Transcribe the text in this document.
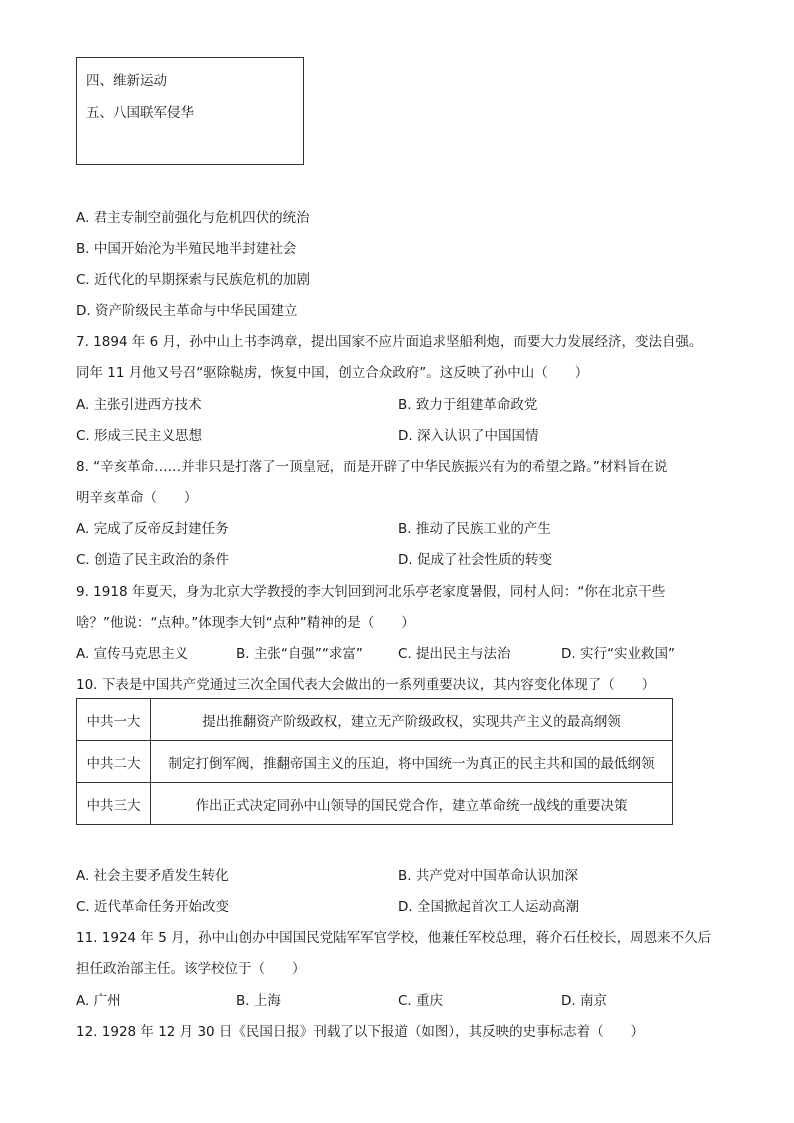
四、维新运动
五、八国联军侵华
A. 君主专制空前强化与危机四伏的统治
B. 中国开始沦为半殖民地半封建社会
C. 近代化的早期探索与民族危机的加剧
D. 资产阶级民主革命与中华民国建立
7. 1894 年 6 月，孙中山上书李鸿章，提出国家不应片面追求坚船利炮，而要大力发展经济，变法自强。
同年 11 月他又号召“驱除鞑虏，恢复中国，创立合众政府”。这反映了孙中山（　　）
A. 主张引进西方技术	B. 致力于组建革命政党
C. 形成三民主义思想	D. 深入认识了中国国情
8. “辛亥革命……并非只是打落了一顶皇冠，而是开辟了中华民族振兴有为的希望之路。”材料旨在说
明辛亥革命（　　）
A. 完成了反帝反封建任务	B. 推动了民族工业的产生
C. 创造了民主政治的条件	D. 促成了社会性质的转变
9. 1918 年夏天，身为北京大学教授的李大钊回到河北乐亭老家度暑假，同村人问：“你在北京干些
啥？”他说：“点种。”体现李大钊“点种”精神的是（　　）
A. 宣传马克思主义	B. 主张“自强”“求富”	C. 提出民主与法治	D. 实行“实业救国”
10. 下表是中国共产党通过三次全国代表大会做出的一系列重要决议，其内容变化体现了（　　）
中共一大	提出推翻资产阶级政权，建立无产阶级政权，实现共产主义的最高纲领
中共二大	制定打倒军阀，推翻帝国主义的压迫，将中国统一为真正的民主共和国的最低纲领
中共三大	作出正式决定同孙中山领导的国民党合作，建立革命统一战线的重要决策
A. 社会主要矛盾发生转化	B. 共产党对中国革命认识加深
C. 近代革命任务开始改变	D. 全国掀起首次工人运动高潮
11. 1924 年 5 月，孙中山创办中国国民党陆军军官学校，他兼任军校总理，蒋介石任校长，周恩来不久后
担任政治部主任。该学校位于（　　）
A. 广州	B. 上海	C. 重庆	D. 南京
12. 1928 年 12 月 30 日《民国日报》刊载了以下报道（如图），其反映的史事标志着（　　）
